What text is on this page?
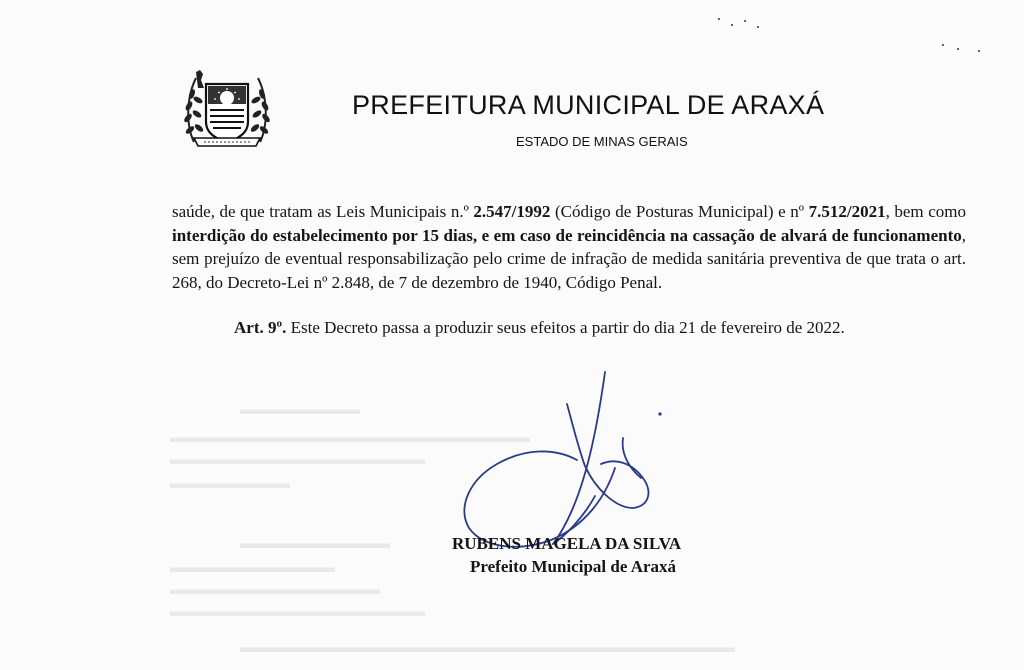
▬▬▬▬▬▬▬▬
▬▬▬▬▬▬▬▬▬▬▬▬▬▬▬▬▬▬▬▬▬▬▬▬
▬▬▬▬▬▬▬▬▬▬▬▬▬▬▬▬▬
▬▬▬▬▬▬▬▬
▬▬▬▬▬▬▬▬▬▬
▬▬▬▬▬▬▬▬▬▬▬
▬▬▬▬▬▬▬▬▬▬▬▬▬▬
▬▬▬▬▬▬▬▬▬▬▬▬▬▬▬▬▬
▬▬▬▬▬▬▬▬▬▬▬▬▬▬▬▬▬▬▬▬▬▬▬▬▬▬▬▬▬▬▬▬▬
PREFEITURA MUNICIPAL DE ARAXÁ
ESTADO DE MINAS GERAIS

saúde, de que tratam as Leis Municipais n.º 2.547/1992 (Código de Posturas Municipal) e nº 7.512/2021, bem como interdição do estabelecimento por 15 dias, e em caso de reincidência na cassação de alvará de funcionamento, sem prejuízo de eventual responsabilização pelo crime de infração de medida sanitária preventiva de que trata o art. 268, do Decreto-Lei nº 2.848, de 7 de dezembro de 1940, Código Penal.

Art. 9º. Este Decreto passa a produzir seus efeitos a partir do dia 21 de fevereiro de 2022.

RUBENS MAGELA DA SILVA
Prefeito Municipal de Araxá
